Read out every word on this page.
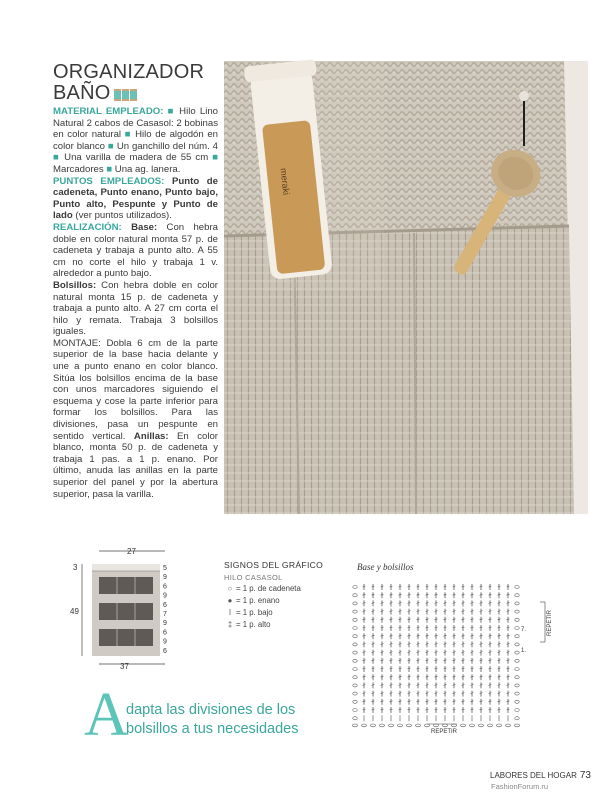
ORGANIZADOR
BAÑO

MATERIAL EMPLEADO: ■ Hilo Lino Natural 2 cabos de Casasol: 2 bobinas en color natural ■ Hilo de algodón en color blanco ■ Un ganchillo del núm. 4 ■ Una varilla de madera de 55 cm ■ Marcadores ■ Una ag. lanera.

PUNTOS EMPLEADOS: Punto de cadeneta, Punto enano, Punto bajo, Punto alto, Pespunte y Punto de lado (ver puntos utilizados).

REALIZACIÓN: Base: Con hebra doble en color natural monta 57 p. de cadeneta y trabaja a punto alto. A 55 cm no corte el hilo y trabaja 1 v. alrededor a punto bajo.

Bolsillos: Con hebra doble en color natural monta 15 p. de cadeneta y trabaja a punto alto. A 27 cm corta el hilo y remata. Trabaja 3 bolsillos iguales.

MONTAJE: Dobla 6 cm de la parte superior de la base hacia delante y une a punto enano en color blanco. Sitúa los bolsillos encima de la base con unos marcadores siguiendo el esquema y cose la parte inferior para formar los bolsillos. Para las divisiones, pasa un pespunte en sentido vertical. Anillas: En color blanco, monta 50 p. de cadeneta y trabaja 1 pas. a 1 p. enano. Por último, anuda las anillas en la parte superior del panel y por la abertura superior, pasa la varilla.

meraki
27
37
3
49
5
9
6
9
6
7
9
6
9
6
SIGNOS DEL GRÁFICO
HILO CASASOL
○ = 1 p. de cadeneta
● = 1 p. enano
ǀ = 1 p. bajo
‡ = 1 p. alto
A
dapta las divisiones de los
bolsillos a tus necesidades
Base y bolsillos
REPETIR
7.
1.
REPETIR
LABORES DEL HOGAR 73
FashionForum.ru
